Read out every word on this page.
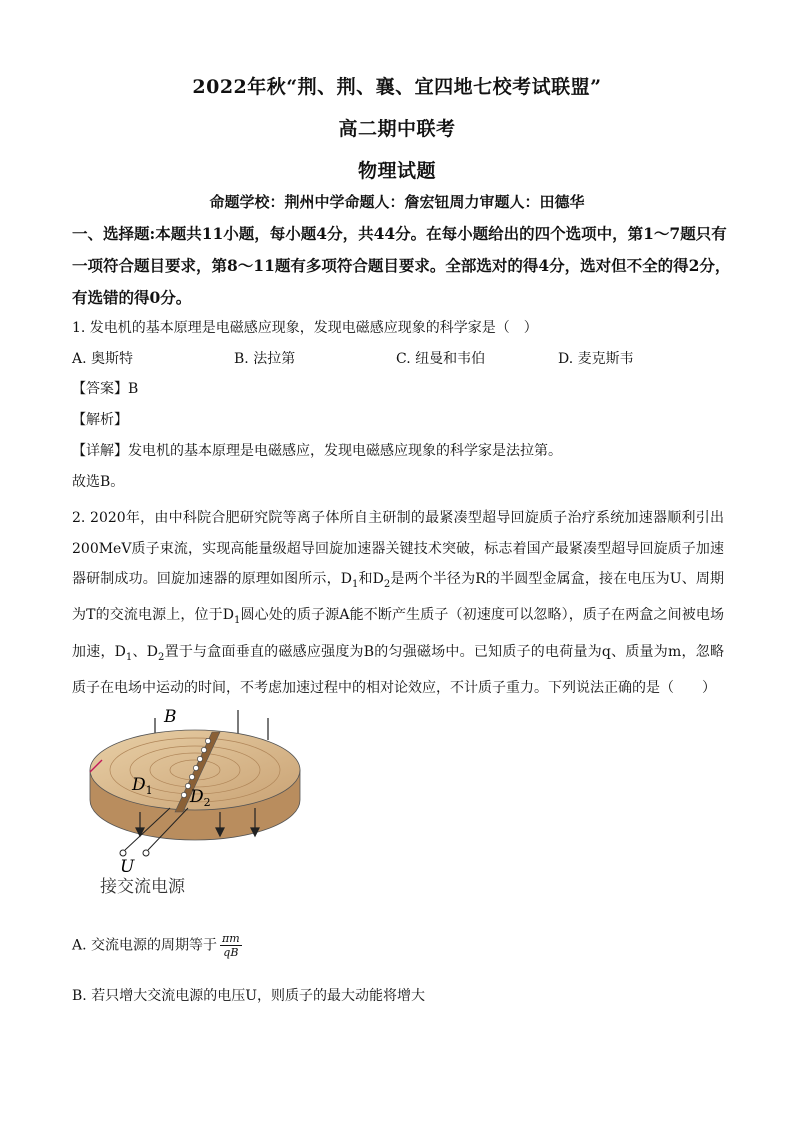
2022年秋“荆、荆、襄、宜四地七校考试联盟”
高二期中联考
物理试题
命题学校：荆州中学命题人：詹宏钮周力审题人：田德华
一、选择题:本题共11小题，每小题4分，共44分。在每小题给出的四个选项中，第1～7题只有一项符合题目要求，第8～11题有多项符合题目要求。全部选对的得4分，选对但不全的得2分，有选错的得0分。
1. 发电机的基本原理是电磁感应现象，发现电磁感应现象的科学家是（　）
A. 奥斯特	B. 法拉第	C. 纽曼和韦伯	D. 麦克斯韦
【答案】B
【解析】
【详解】发电机的基本原理是电磁感应，发现电磁感应现象的科学家是法拉第。
故选B。
2. 2020年，由中科院合肥研究院等离子体所自主研制的最紧凑型超导回旋质子治疗系统加速器顺利引出200MeV质子束流，实现高能量级超导回旋加速器关键技术突破，标志着国产最紧凑型超导回旋质子加速器研制成功。回旋加速器的原理如图所示，$D_1$和$D_2$是两个半径为R的半圆型金属盒，接在电压为U、周期为T的交流电源上，位于$D_1$圆心处的质子源A能不断产生质子（初速度可以忽略），质子在两盒之间被电场加速，$D_1$、$D_2$置于与盒面垂直的磁感应强度为B的匀强磁场中。已知质子的电荷量为q、质量为m，忽略质子在电场中运动的时间，不考虑加速过程中的相对论效应，不计质子重力。下列说法正确的是（　　）
B
$D_1$ $D_2$
U
接交流电源
A. 交流电源的周期等于 $\frac{\pi m}{qB}$
B. 若只增大交流电源的电压U，则质子的最大动能将增大
